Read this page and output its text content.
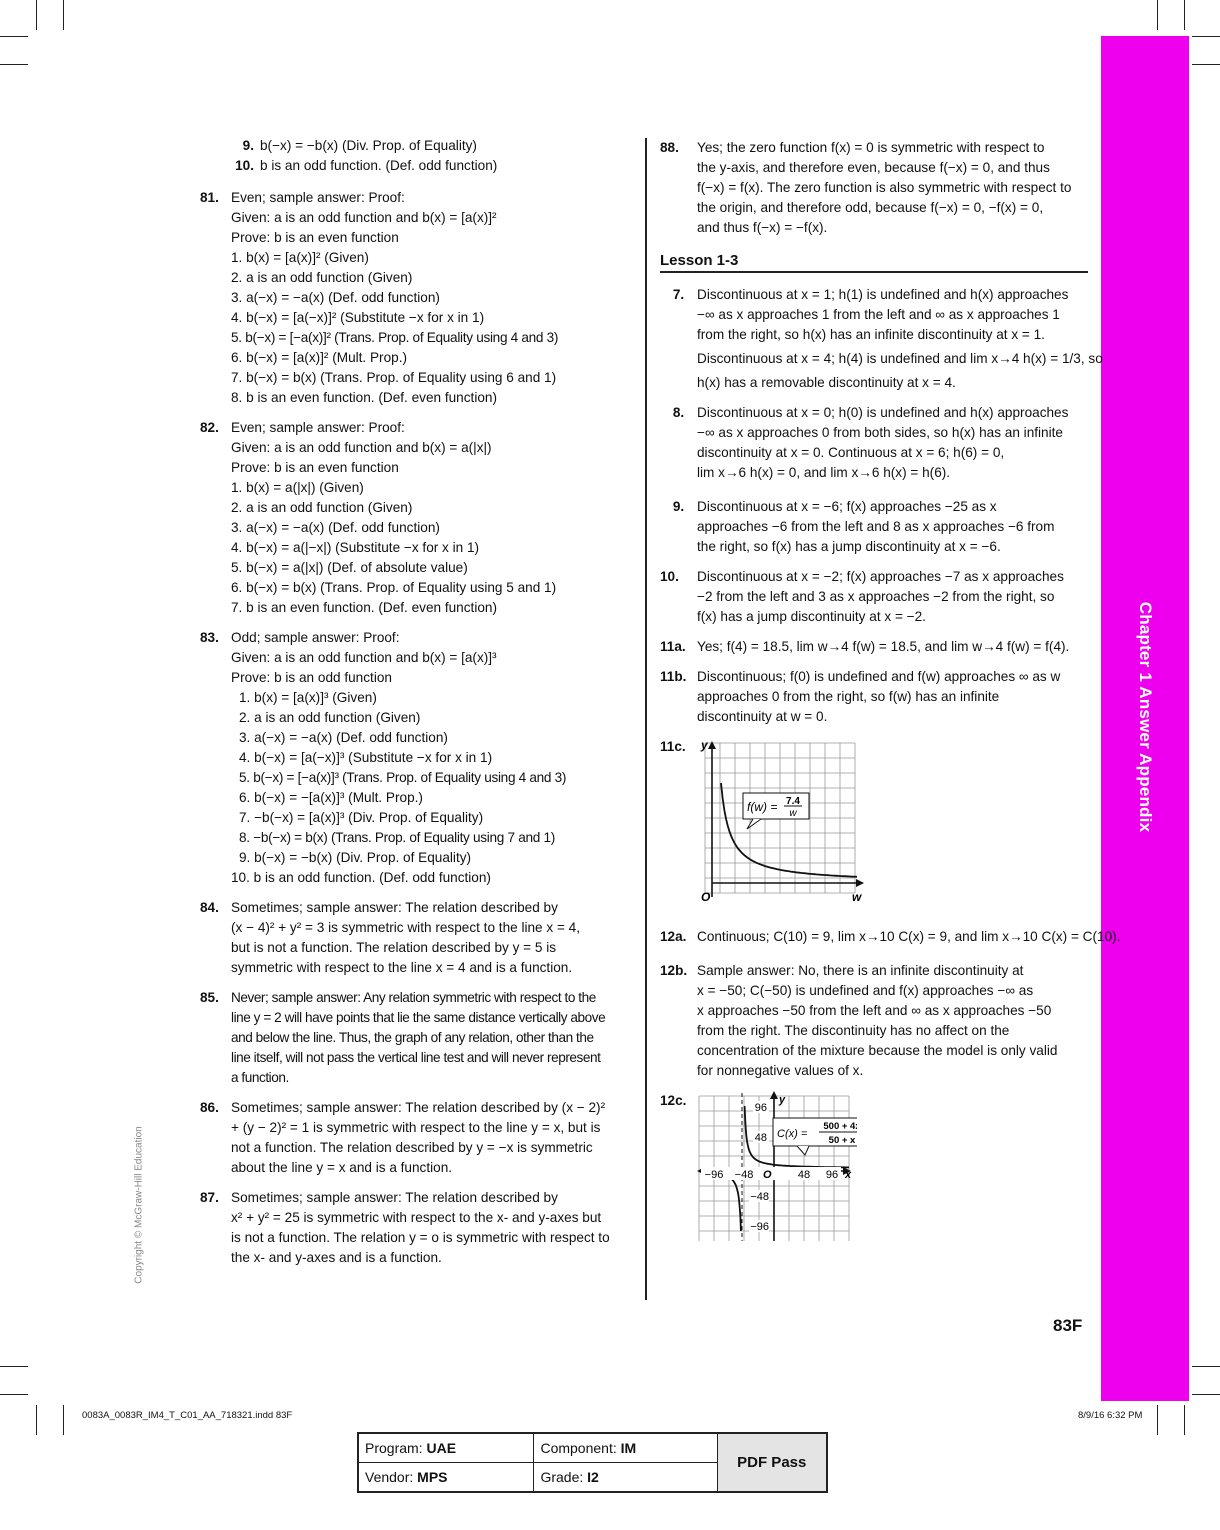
Chapter 1 Answer Appendix
Copyright © McGraw-Hill Education
9. b(−x) = −b(x) (Div. Prop. of Equality)
10. b is an odd function. (Def. odd function)
81. Even; sample answer: Proof:
Given: a is an odd function and b(x) = [a(x)]²
Prove: b is an even function
1. b(x) = [a(x)]² (Given)
2. a is an odd function (Given)
3. a(−x) = −a(x) (Def. odd function)
4. b(−x) = [a(−x)]² (Substitute −x for x in 1)
5. b(−x) = [−a(x)]² (Trans. Prop. of Equality using 4 and 3)
6. b(−x) = [a(x)]² (Mult. Prop.)
7. b(−x) = b(x) (Trans. Prop. of Equality using 6 and 1)
8. b is an even function. (Def. even function)
82. Even; sample answer: Proof:
Given: a is an odd function and b(x) = a(|x|)
Prove: b is an even function
1. b(x) = a(|x|) (Given)
2. a is an odd function (Given)
3. a(−x) = −a(x) (Def. odd function)
4. b(−x) = a(|−x|) (Substitute −x for x in 1)
5. b(−x) = a(|x|) (Def. of absolute value)
6. b(−x) = b(x) (Trans. Prop. of Equality using 5 and 1)
7. b is an even function. (Def. even function)
83. Odd; sample answer: Proof:
Given: a is an odd function and b(x) = [a(x)]³
Prove: b is an odd function
1. b(x) = [a(x)]³ (Given)
2. a is an odd function (Given)
3. a(−x) = −a(x) (Def. odd function)
4. b(−x) = [a(−x)]³ (Substitute −x for x in 1)
5. b(−x) = [−a(x)]³ (Trans. Prop. of Equality using 4 and 3)
6. b(−x) = −[a(x)]³ (Mult. Prop.)
7. −b(−x) = [a(x)]³ (Div. Prop. of Equality)
8. −b(−x) = b(x) (Trans. Prop. of Equality using 7 and 1)
9. b(−x) = −b(x) (Div. Prop. of Equality)
10. b is an odd function. (Def. odd function)
84. Sometimes; sample answer: The relation described by
(x − 4)² + y² = 3 is symmetric with respect to the line x = 4,
but is not a function. The relation described by y = 5 is
symmetric with respect to the line x = 4 and is a function.
85. Never; sample answer: Any relation symmetric with respect to the
line y = 2 will have points that lie the same distance vertically above
and below the line. Thus, the graph of any relation, other than the
line itself, will not pass the vertical line test and will never represent
a function.
86. Sometimes; sample answer: The relation described by (x − 2)²
+ (y − 2)² = 1 is symmetric with respect to the line y = x, but is
not a function. The relation described by y = −x is symmetric
about the line y = x and is a function.
87. Sometimes; sample answer: The relation described by
x² + y² = 25 is symmetric with respect to the x- and y-axes but
is not a function. The relation y = o is symmetric with respect to
the x- and y-axes and is a function.
88.	Yes; the zero function f(x) = 0 is symmetric with respect to
the y-axis, and therefore even, because f(−x) = 0, and thus
f(−x) = f(x). The zero function is also symmetric with respect to
the origin, and therefore odd, because f(−x) = 0, −f(x) = 0,
and thus f(−x) = −f(x).
Lesson 1-3
7. Discontinuous at x = 1; h(1) is undefined and h(x) approaches
−∞ as x approaches 1 from the left and ∞ as x approaches 1
from the right, so h(x) has an infinite discontinuity at x = 1.
Discontinuous at x = 4; h(4) is undefined and lim x→4 h(x) = 1/3, so
h(x) has a removable discontinuity at x = 4.
8. Discontinuous at x = 0; h(0) is undefined and h(x) approaches
−∞ as x approaches 0 from both sides, so h(x) has an infinite
discontinuity at x = 0. Continuous at x = 6; h(6) = 0,
lim x→6 h(x) = 0, and lim x→6 h(x) = h(6).
9. Discontinuous at x = −6; f(x) approaches −25 as x
approaches −6 from the left and 8 as x approaches −6 from
the right, so f(x) has a jump discontinuity at x = −6.
10.	Discontinuous at x = −2; f(x) approaches −7 as x approaches
−2 from the left and 3 as x approaches −2 from the right, so
f(x) has a jump discontinuity at x = −2.
11a. Yes; f(4) = 18.5, lim w→4 f(w) = 18.5, and lim w→4 f(w) = f(4).
11b. Discontinuous; f(0) is undefined and f(w) approaches ∞ as w
approaches 0 from the right, so f(w) has an infinite
discontinuity at w = 0.
11c.
f(w) = 7.4
w
y
w
O
12a. Continuous; C(10) = 9, lim x→10 C(x) = 9, and lim x→10 C(x) = C(10).
12b. Sample answer: No, there is an infinite discontinuity at
x = −50; C(−50) is undefined and f(x) approaches −∞ as
x approaches −50 from the left and ∞ as x approaches −50
from the right. The discontinuity has no affect on the
concentration of the mixture because the model is only valid
for nonnegative values of x.
12c.
C(x) =
500 + 4x
50 + x
96
48
−48
−96
−96 −48	48 96 x
y
O
83F
0083A_0083R_IM4_T_C01_AA_718321.indd 83F	8/9/16 6:32 PM
Program: UAE	Component: IM	PDF Pass
Vendor: MPS	Grade: I2	
